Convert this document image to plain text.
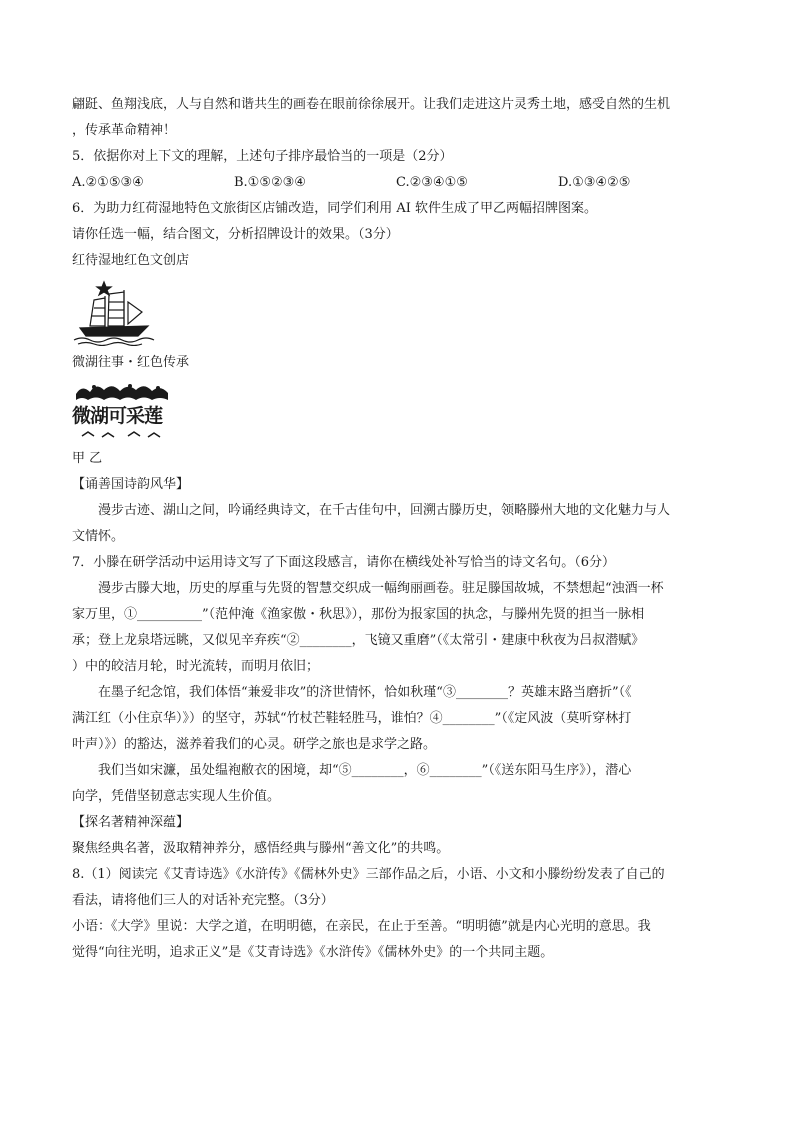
翩跹、鱼翔浅底，人与自然和谐共生的画卷在眼前徐徐展开。让我们走进这片灵秀土地，感受自然的生机
，传承革命精神！
5．依据你对上下文的理解，上述句子排序最恰当的一项是（2分）
A.②①⑤③④	B.①⑤②③④	C.②③④①⑤	D.①③④②⑤
6．为助力红荷湿地特色文旅街区店铺改造，同学们利用 AI 软件生成了甲乙两幅招牌图案。
请你任选一幅，结合图文，分析招牌设计的效果。（3分）
红待湿地红色文创店
微湖往事・红色传承
微湖可采莲
甲 乙
【诵善国诗韵风华】
漫步古迹、湖山之间，吟诵经典诗文，在千古佳句中，回溯古滕历史，领略滕州大地的文化魅力与人
文情怀。
7．小滕在研学活动中运用诗文写了下面这段感言，请你在横线处补写恰当的诗文名句。（6分）
漫步古滕大地，历史的厚重与先贤的智慧交织成一幅绚丽画卷。驻足滕国故城，不禁想起“浊酒一杯
家万里，①__________”（范仲淹《渔家傲・秋思》），那份为报家国的执念，与滕州先贤的担当一脉相
承；登上龙泉塔远眺，又似见辛弃疾“②________，飞镜又重磨”（《太常引・建康中秋夜为吕叔潜赋》
）中的皎洁月轮，时光流转，而明月依旧；
在墨子纪念馆，我们体悟“兼爱非攻”的济世情怀，恰如秋瑾“③________？英雄末路当磨折”（《
满江红（小住京华）》）的坚守，苏轼“竹杖芒鞋轻胜马，谁怕？④________”（《定风波（莫听穿林打
叶声）》）的豁达，滋养着我们的心灵。研学之旅也是求学之路。
我们当如宋濂，虽处缊袍敝衣的困境，却“⑤________，⑥________”（《送东阳马生序》），潜心
向学，凭借坚韧意志实现人生价值。
【探名著精神深蕴】
聚焦经典名著，汲取精神养分，感悟经典与滕州“善文化”的共鸣。
8.（1）阅读完《艾青诗选》《水浒传》《儒林外史》三部作品之后，小语、小文和小滕纷纷发表了自己的
看法，请将他们三人的对话补充完整。（3分）
小语：《大学》里说：大学之道，在明明德，在亲民，在止于至善。“明明德”就是内心光明的意思。我
觉得“向往光明，追求正义”是《艾青诗选》《水浒传》《儒林外史》的一个共同主题。
